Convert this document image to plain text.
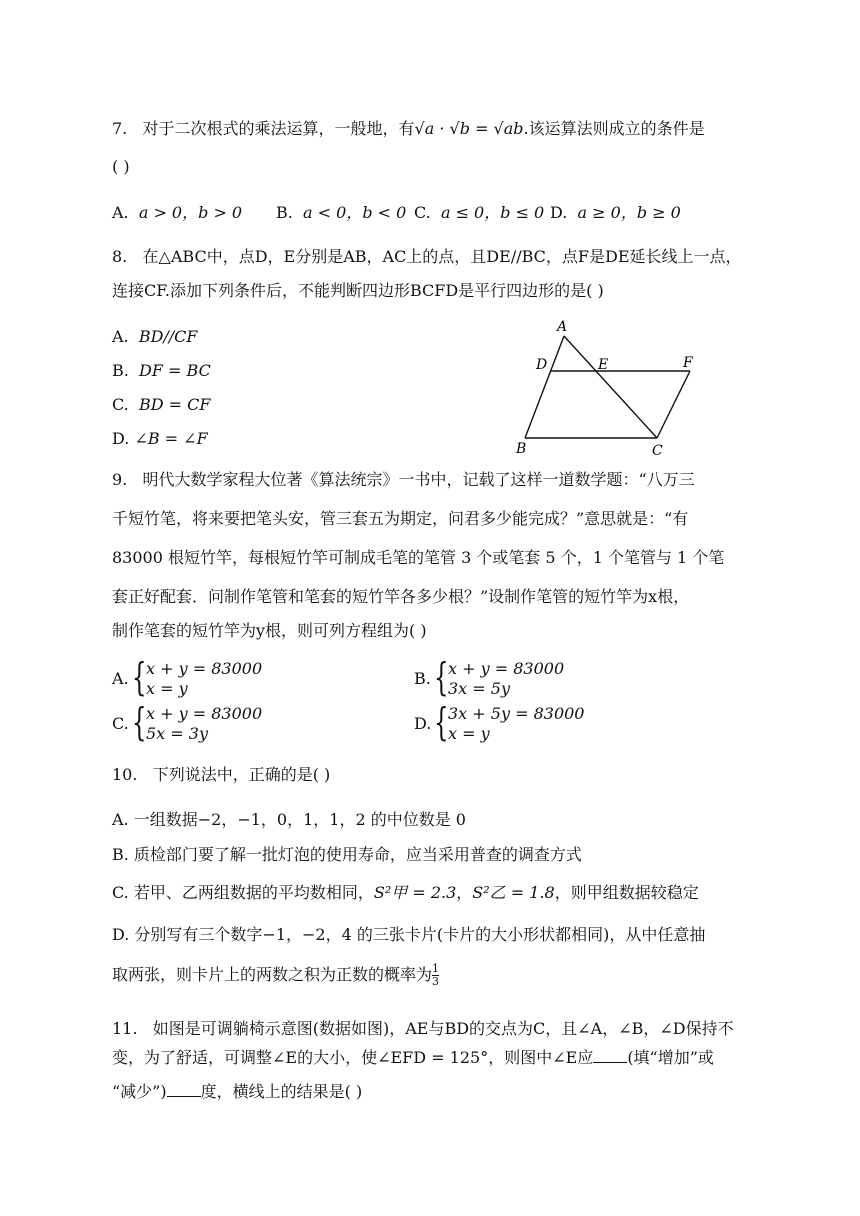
7. 对于二次根式的乘法运算，一般地，有√a · √b = √ab.该运算法则成立的条件是
( )
A. a > 0，b > 0 B. a < 0，b < 0 C. a ≤ 0，b ≤ 0 D. a ≥ 0，b ≥ 0
8. 在△ABC中，点D，E分别是AB，AC上的点，且DE//BC，点F是DE延长线上一点，
连接CF.添加下列条件后，不能判断四边形BCFD是平行四边形的是( )
A. BD//CF
B. DF = BC
C. BD = CF
D. ∠B = ∠F
A
D	E	F
B	C
9. 明代大数学家程大位著《算法统宗》一书中，记载了这样一道数学题：“八万三
千短竹笔，将来要把笔头安，管三套五为期定，问君多少能完成？”意思就是：“有
83000 根短竹竿，每根短竹竿可制成毛笔的笔管 3 个或笔套 5 个，1 个笔管与 1 个笔
套正好配套．问制作笔管和笔套的短竹竿各多少根？”设制作笔管的短竹竿为x根，
制作笔套的短竹竿为y根，则可列方程组为( )
A. { x + y = 83000
x = y
B. { x + y = 83000
3x = 5y
C. { x + y = 83000
5x = 3y
D. { 3x + 5y = 83000
x = y
10. 下列说法中，正确的是( )
A. 一组数据−2，−1，0，1，1，2 的中位数是 0
B. 质检部门要了解一批灯泡的使用寿命，应当采用普查的调查方式
C. 若甲、乙两组数据的平均数相同，S²甲 = 2.3，S²乙 = 1.8，则甲组数据较稳定
D. 分别写有三个数字−1，−2，4 的三张卡片(卡片的大小形状都相同)，从中任意抽
取两张，则卡片上的两数之积为正数的概率为 $\frac{1}{3}$
11. 如图是可调躺椅示意图(数据如图)，AE与BD的交点为C，且∠A，∠B，∠D保持不
变，为了舒适，可调整∠E的大小，使∠EFD = 125°，则图中∠E应 (填“增加”或
“减少”) 度，横线上的结果是( )
